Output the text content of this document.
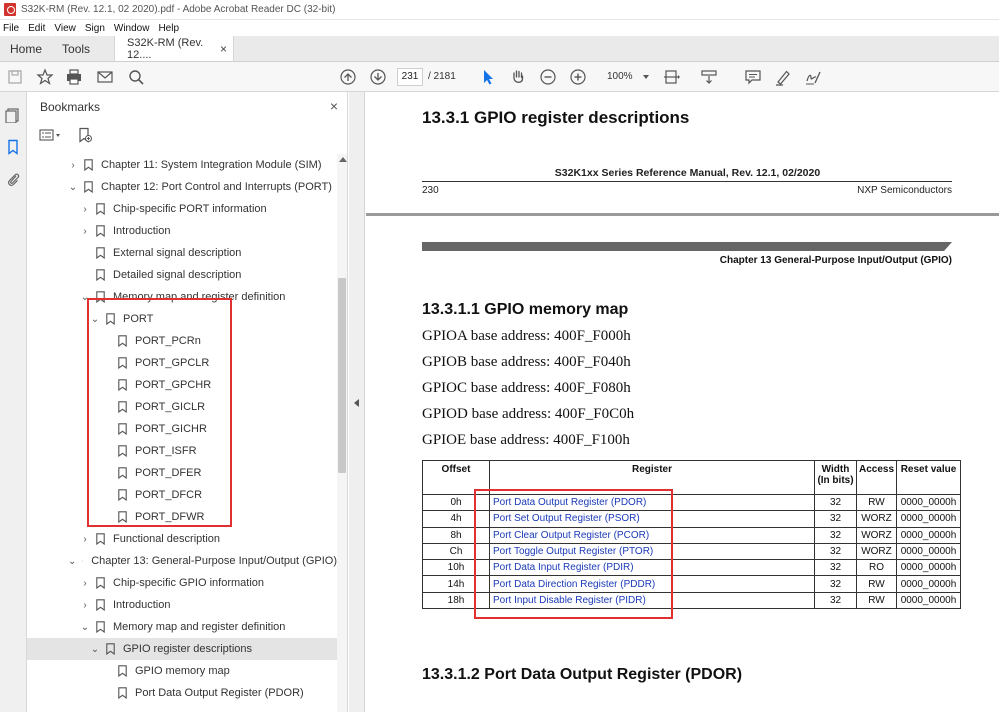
S32K-RM (Rev. 12.1, 02 2020).pdf - Adobe Acrobat Reader DC (32-bit)
File Edit View Sign Window Help
Home	Tools	S32K-RM (Rev. 12....	×
231 / 2181	100%
Bookmarks	×
›	Chapter 11: System Integration Module (SIM)
⌄ Chapter 12: Port Control and Interrupts (PORT)
›	Chip-specific PORT information
›	Introduction
External signal description
Detailed signal description
⌄ Memory map and register definition
⌄ PORT
PORT_PCRn
PORT_GPCLR
PORT_GPCHR
PORT_GICLR
PORT_GICHR
PORT_ISFR
PORT_DFER
PORT_DFCR
PORT_DFWR
›	Functional description
⌄ Chapter 13: General-Purpose Input/Output (GPIO)
›	Chip-specific GPIO information
›	Introduction
⌄ Memory map and register definition
⌄ GPIO register descriptions
GPIO memory map
Port Data Output Register (PDOR)
13.3.1 GPIO register descriptions
S32K1xx Series Reference Manual, Rev. 12.1, 02/2020
230	NXP Semiconductors
Chapter 13 General-Purpose Input/Output (GPIO)
13.3.1.1 GPIO memory map
GPIOA base address: 400F_F000h
GPIOB base address: 400F_F040h
GPIOC base address: 400F_F080h
GPIOD base address: 400F_F0C0h
GPIOE base address: 400F_F100h
Offset	Register	Width
(In bits)	Access	Reset value
0h	Port Data Output Register (PDOR)	32	RW	0000_0000h
4h	Port Set Output Register (PSOR)	32	WORZ	0000_0000h
8h	Port Clear Output Register (PCOR)	32	WORZ	0000_0000h
Ch	Port Toggle Output Register (PTOR)	32	WORZ	0000_0000h
10h	Port Data Input Register (PDIR)	32	RO	0000_0000h
14h	Port Data Direction Register (PDDR)	32	RW	0000_0000h
18h	Port Input Disable Register (PIDR)	32	RW	0000_0000h
13.3.1.2 Port Data Output Register (PDOR)
